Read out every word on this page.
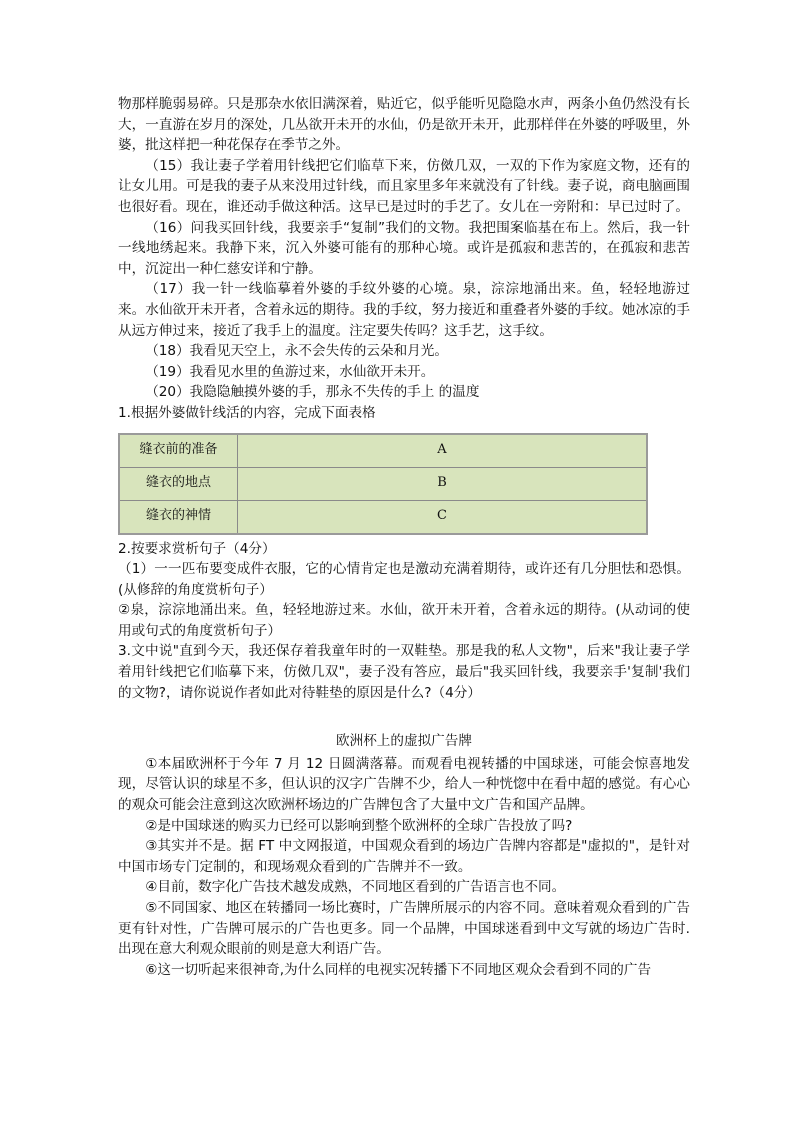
物那样脆弱易碎。只是那杂水依旧满深着，贴近它，似乎能听见隐隐水声，两条小鱼仍然没有长大，一直游在岁月的深处，几丛欲开未开的水仙，仍是欲开未开，此那样伴在外婆的呼吸里，外婆，批这样把一种花保存在季节之外。

（15）我让妻子学着用针线把它们临草下来，仿傚几双，一双的下作为家庭文物，还有的让女儿用。可是我的妻子从来没用过针线，而且家里多年来就没有了针线。妻子说，商电脑画围也很好看。现在，谁还动手做这种活。这早已是过时的手艺了。女儿在一旁附和：早已过时了。

（16）问我买回针线，我要亲手“复制”我们的文物。我把围案临基在布上。然后，我一针一线地绣起来。我静下来，沉入外婆可能有的那种心境。或许是孤寂和悲苦的，在孤寂和悲苦中，沉淀出一种仁慈安详和宁静。

（17）我一针一线临摹着外婆的手纹外婆的心境。泉，淙淙地涌出来。鱼，轻轻地游过来。水仙欲开未开者，含着永远的期待。我的手纹，努力接近和重叠者外婆的手纹。她冰凉的手从远方伸过来，接近了我手上的温度。注定要失传吗？这手艺，这手纹。

（18）我看见天空上，永不会失传的云朵和月光。

（19）我看见水里的鱼游过来，水仙欲开未开。

（20）我隐隐触摸外婆的手，那永不失传的手上 的温度

1.根据外婆做针线活的内容，完成下面表格

缝衣前的准备	A
缝衣的地点	B
缝衣的神情	C

2.按要求赏析句子（4分）

（1）一一匹布要变成件衣服，它的心情肯定也是激动充满着期待，或许还有几分胆怯和恐惧。(从修辞的角度赏析句子）

②泉，淙淙地涌出来。鱼，轻轻地游过来。水仙，欲开未开着，含着永远的期待。(从动词的使用或句式的角度赏析句子）

3.文中说"直到今天，我还保存着我童年时的一双鞋垫。那是我的私人文物"，后来"我让妻子学着用针线把它们临摹下来，仿傚几双"，妻子没有答应，最后"我买回针线，我要亲手'复制'我们的文物?，请你说说作者如此对待鞋垫的原因是什么?（4分）

欧洲杯上的虚拟广告牌

①本届欧洲杯于今年 7 月 12 日圆满落幕。而观看电视转播的中国球迷，可能会惊喜地发现，尽管认识的球星不多，但认识的汉字广告牌不少，给人一种恍惚中在看中超的感觉。有心心的观众可能会注意到这次欧洲杯场边的广告牌包含了大量中文广告和国产品牌。

②是中国球迷的购买力已经可以影响到整个欧洲杯的全球广告投放了吗?

③其实并不是。据 FT 中文网报道，中国观众看到的场边广告牌内容都是"虚拟的"，是针对中国市场专门定制的，和现场观众看到的广告牌并不一致。

④目前，数字化广告技术越发成熟，不同地区看到的广告语言也不同。

⑤不同国家、地区在转播同一场比赛时，广告牌所展示的内容不同。意味着观众看到的广告更有针对性，广告牌可展示的广告也更多。同一个品牌，中国球迷看到中文写就的场边广告时.出现在意大利观众眼前的则是意大利语广告。

⑥这一切听起来很神奇,为什么同样的电视实况转播下不同地区观众会看到不同的广告
